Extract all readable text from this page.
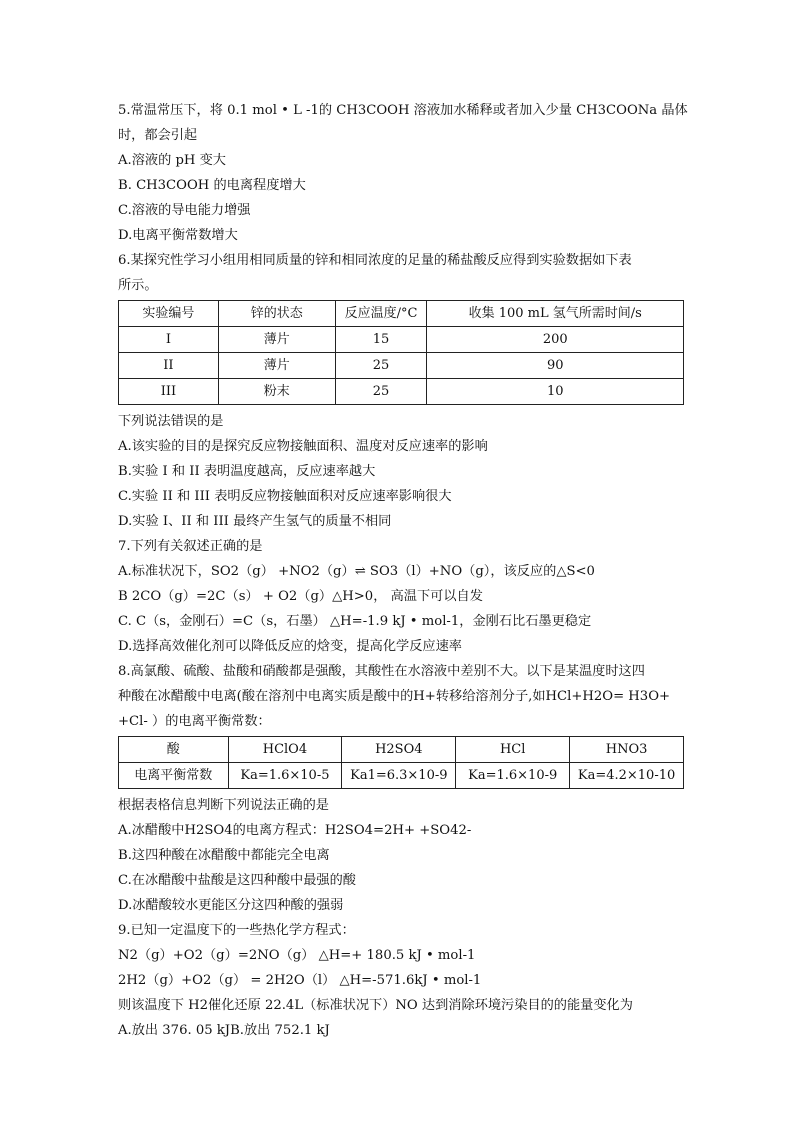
5.常温常压下，将 0.1 mol • L -1的 CH3COOH 溶液加水稀释或者加入少量 CH3COONa 晶体
时，都会引起
A.溶液的 pH 变大
B. CH3COOH 的电离程度增大
C.溶液的导电能力增强
D.电离平衡常数增大
6.某探究性学习小组用相同质量的锌和相同浓度的足量的稀盐酸反应得到实验数据如下表
所示。
实验编号	锌的状态	反应温度/°C	收集 100 mL 氢气所需时间/s
I	薄片	15	200
II	薄片	25	90
III	粉末	25	10
下列说法错误的是
A.该实验的目的是探究反应物接触面积、温度对反应速率的影响
B.实验 I 和 II 表明温度越高，反应速率越大
C.实验 II 和 III 表明反应物接触面积对反应速率影响很大
D.实验 I、II 和 III 最终产生氢气的质量不相同
7.下列有关叙述正确的是
A.标准状况下，SO2（g） +NO2（g）⇌ SO3（l）+NO（g），该反应的△S<0
B 2CO（g）=2C（s） + O2（g）△H>0， 高温下可以自发
C. C（s，金刚石）=C（s，石墨） △H=-1.9 kJ • mol-1，金刚石比石墨更稳定
D.选择高效催化剂可以降低反应的焓变，提高化学反应速率
8.高氯酸、硫酸、盐酸和硝酸都是强酸，其酸性在水溶液中差别不大。以下是某温度时这四
种酸在冰醋酸中电离(酸在溶剂中电离实质是酸中的H+转移给溶剂分子,如HCl+H2O= H3O+
+Cl- ）的电离平衡常数：
酸	HClO4	H2SO4	HCl	HNO3
电离平衡常数	Ka=1.6×10-5	Ka1=6.3×10-9	Ka=1.6×10-9	Ka=4.2×10-10
根据表格信息判断下列说法正确的是
A.冰醋酸中H2SO4的电离方程式：H2SO4=2H+ +SO42-
B.这四种酸在冰醋酸中都能完全电离
C.在冰醋酸中盐酸是这四种酸中最强的酸
D.冰醋酸较水更能区分这四种酸的强弱
9.已知一定温度下的一些热化学方程式：
N2（g）+O2（g）=2NO（g） △H=+ 180.5 kJ • mol-1
2H2（g）+O2（g） = 2H2O（l） △H=-571.6kJ • mol-1
则该温度下 H2催化还原 22.4L（标准状况下）NO 达到消除环境污染目的的能量变化为
A.放出 376. 05 kJB.放出 752.1 kJ
